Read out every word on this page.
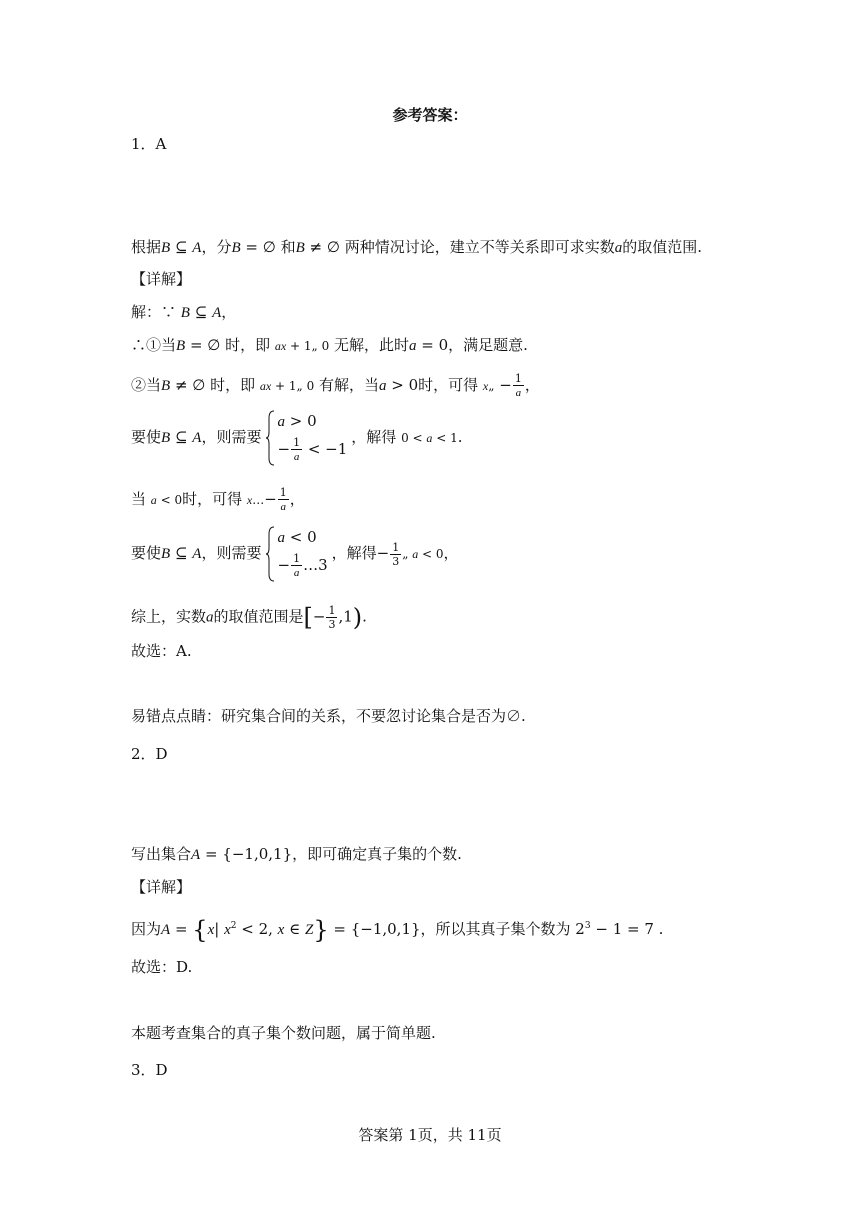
参考答案：
1．A
根据B ⊆ A，分B = ∅ 和B ≠ ∅ 两种情况讨论，建立不等关系即可求实数a的取值范围.
【详解】
解：∵ B ⊆ A，
∴①当B = ∅ 时，即 ax + 1„ 0 无解，此时a = 0，满足题意.
②当B ≠ ∅ 时，即 ax + 1„ 0 有解，当a > 0时，可得 x„ − $\frac{1}{a}$ ，
要使B ⊆ A，则需要
a > 0
− $\frac{1}{a} < -1$
，解得 0 < a < 1.
当 a < 0时，可得 x…− $\frac{1}{a}$ ，
要使B ⊆ A，则需要
a < 0
− $\frac{1}{a}$ …3
，解得− $\frac{1}{3}$ „ a < 0，
综上，实数a的取值范围是[− $\frac{1}{3} ,1$).
故选：A.
易错点点睛：研究集合间的关系，不要忽讨论集合是否为∅.
2．D
写出集合A = {−1,0,1}，即可确定真子集的个数.
【详解】
因为A = {x| $x^2 < 2$, x ∈ Z} = {−1,0,1}，所以其真子集个数为 $2^3 - 1 = 7$ .
故选：D.
本题考查集合的真子集个数问题，属于简单题.
3．D
答案第 1页，共 11页
